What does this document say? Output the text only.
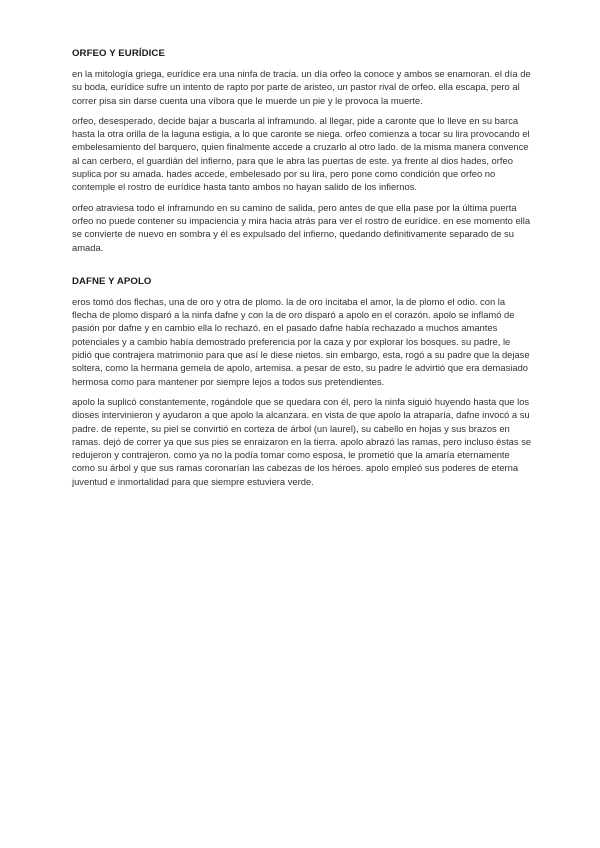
ORFEO Y EURÍDICE

en la mitología griega, eurídice era una ninfa de tracia. un día orfeo la conoce y ambos se enamoran. el día de su boda, eurídice sufre un intento de rapto por parte de aristeo, un pastor rival de orfeo. ella escapa, pero al correr pisa sin darse cuenta una víbora que le muerde un pie y le provoca la muerte.

orfeo, desesperado, decide bajar a buscarla al inframundo. al llegar, pide a caronte que lo lleve en su barca hasta la otra orilla de la laguna estigia, a lo que caronte se niega. orfeo comienza a tocar su lira provocando el embelesamiento del barquero, quien finalmente accede a cruzarlo al otro lado. de la misma manera convence al can cerbero, el guardián del infierno, para que le abra las puertas de este. ya frente al dios hades, orfeo suplica por su amada. hades accede, embelesado por su lira, pero pone como condición que orfeo no contemple el rostro de eurídice hasta tanto ambos no hayan salido de los infiernos.

orfeo atraviesa todo el inframundo en su camino de salida, pero antes de que ella pase por la última puerta orfeo no puede contener su impaciencia y mira hacia atrás para ver el rostro de eurídice. en ese momento ella se convierte de nuevo en sombra y él es expulsado del infierno, quedando definitivamente separado de su amada.

DAFNE Y APOLO

eros tomó dos flechas, una de oro y otra de plomo. la de oro incitaba el amor, la de plomo el odio. con la flecha de plomo disparó a la ninfa dafne y con la de oro disparó a apolo en el corazón. apolo se inflamó de pasión por dafne y en cambio ella lo rechazó. en el pasado dafne había rechazado a muchos amantes potenciales y a cambio había demostrado preferencia por la caza y por explorar los bosques. su padre, le pidió que contrajera matrimonio para que así le diese nietos. sin embargo, esta, rogó a su padre que la dejase soltera, como la hermana gemela de apolo, artemisa. a pesar de esto, su padre le advirtió que era demasiado hermosa como para mantener por siempre lejos a todos sus pretendientes.

apolo la suplicó constantemente, rogándole que se quedara con él, pero la ninfa siguió huyendo hasta que los dioses intervinieron y ayudaron a que apolo la alcanzara. en vista de que apolo la atraparía, dafne invocó a su padre. de repente, su piel se convirtió en corteza de árbol (un laurel), su cabello en hojas y sus brazos en ramas. dejó de correr ya que sus pies se enraizaron en la tierra. apolo abrazó las ramas, pero incluso éstas se redujeron y contrajeron. como ya no la podía tomar como esposa, le prometió que la amaría eternamente como su árbol y que sus ramas coronarían las cabezas de los héroes. apolo empleó sus poderes de eterna juventud e inmortalidad para que siempre estuviera verde.
